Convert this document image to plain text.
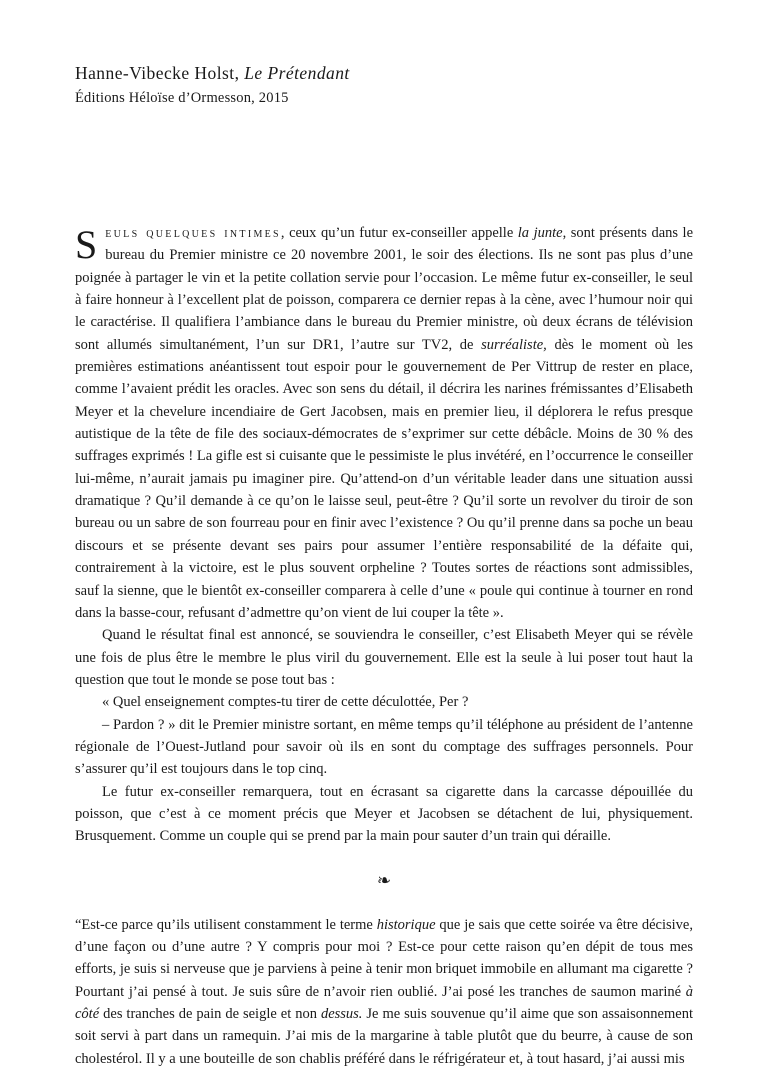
Hanne-Vibecke Holst, Le Prétendant

Éditions Héloïse d’Ormesson, 2015

Seuls quelques intimes, ceux qu’un futur ex-conseiller appelle la junte, sont présents dans le bureau du Premier ministre ce 20 novembre 2001, le soir des élections. Ils ne sont pas plus d’une poignée à partager le vin et la petite collation servie pour l’occasion. Le même futur ex-conseiller, le seul à faire honneur à l’excellent plat de poisson, comparera ce dernier repas à la cène, avec l’humour noir qui le caractérise. Il qualifiera l’ambiance dans le bureau du Premier ministre, où deux écrans de télévision sont allumés simultanément, l’un sur DR1, l’autre sur TV2, de surréaliste, dès le moment où les premières estimations anéantissent tout espoir pour le gouvernement de Per Vittrup de rester en place, comme l’avaient prédit les oracles. Avec son sens du détail, il décrira les narines frémissantes d’Elisabeth Meyer et la chevelure incendiaire de Gert Jacobsen, mais en premier lieu, il déplorera le refus presque autistique de la tête de file des sociaux-démocrates de s’exprimer sur cette débâcle. Moins de 30 % des suffrages exprimés ! La gifle est si cuisante que le pessimiste le plus invétéré, en l’occurrence le conseiller lui-même, n’aurait jamais pu imaginer pire. Qu’attend-on d’un véritable leader dans une situation aussi dramatique ? Qu’il demande à ce qu’on le laisse seul, peut-être ? Qu’il sorte un revolver du tiroir de son bureau ou un sabre de son fourreau pour en finir avec l’existence ? Ou qu’il prenne dans sa poche un beau discours et se présente devant ses pairs pour assumer l’entière responsabilité de la défaite qui, contrairement à la victoire, est le plus souvent orpheline ? Toutes sortes de réactions sont admissibles, sauf la sienne, que le bientôt ex-conseiller comparera à celle d’une « poule qui continue à tourner en rond dans la basse-cour, refusant d’admettre qu’on vient de lui couper la tête ».

Quand le résultat final est annoncé, se souviendra le conseiller, c’est Elisabeth Meyer qui se révèle une fois de plus être le membre le plus viril du gouvernement. Elle est la seule à lui poser tout haut la question que tout le monde se pose tout bas :

« Quel enseignement comptes-tu tirer de cette déculottée, Per ?

– Pardon ? » dit le Premier ministre sortant, en même temps qu’il téléphone au président de l’antenne régionale de l’Ouest-Jutland pour savoir où ils en sont du comptage des suffrages personnels. Pour s’assurer qu’il est toujours dans le top cinq.

Le futur ex-conseiller remarquera, tout en écrasant sa cigarette dans la carcasse dépouillée du poisson, que c’est à ce moment précis que Meyer et Jacobsen se détachent de lui, physiquement. Brusquement. Comme un couple qui se prend par la main pour sauter d’un train qui déraille.

❧

“Est-ce parce qu’ils utilisent constamment le terme historique que je sais que cette soirée va être décisive, d’une façon ou d’une autre ? Y compris pour moi ? Est-ce pour cette raison qu’en dépit de tous mes efforts, je suis si nerveuse que je parviens à peine à tenir mon briquet immobile en allumant ma cigarette ? Pourtant j’ai pensé à tout. Je suis sûre de n’avoir rien oublié. J’ai posé les tranches de saumon mariné à côté des tranches de pain de seigle et non dessus. Je me suis souvenue qu’il aime que son assaisonnement soit servi à part dans un ramequin. J’ai mis de la margarine à table plutôt que du beurre, à cause de son cholestérol. Il y a une bouteille de son chablis préféré dans le réfrigérateur et, à tout hasard, j’ai aussi mis
